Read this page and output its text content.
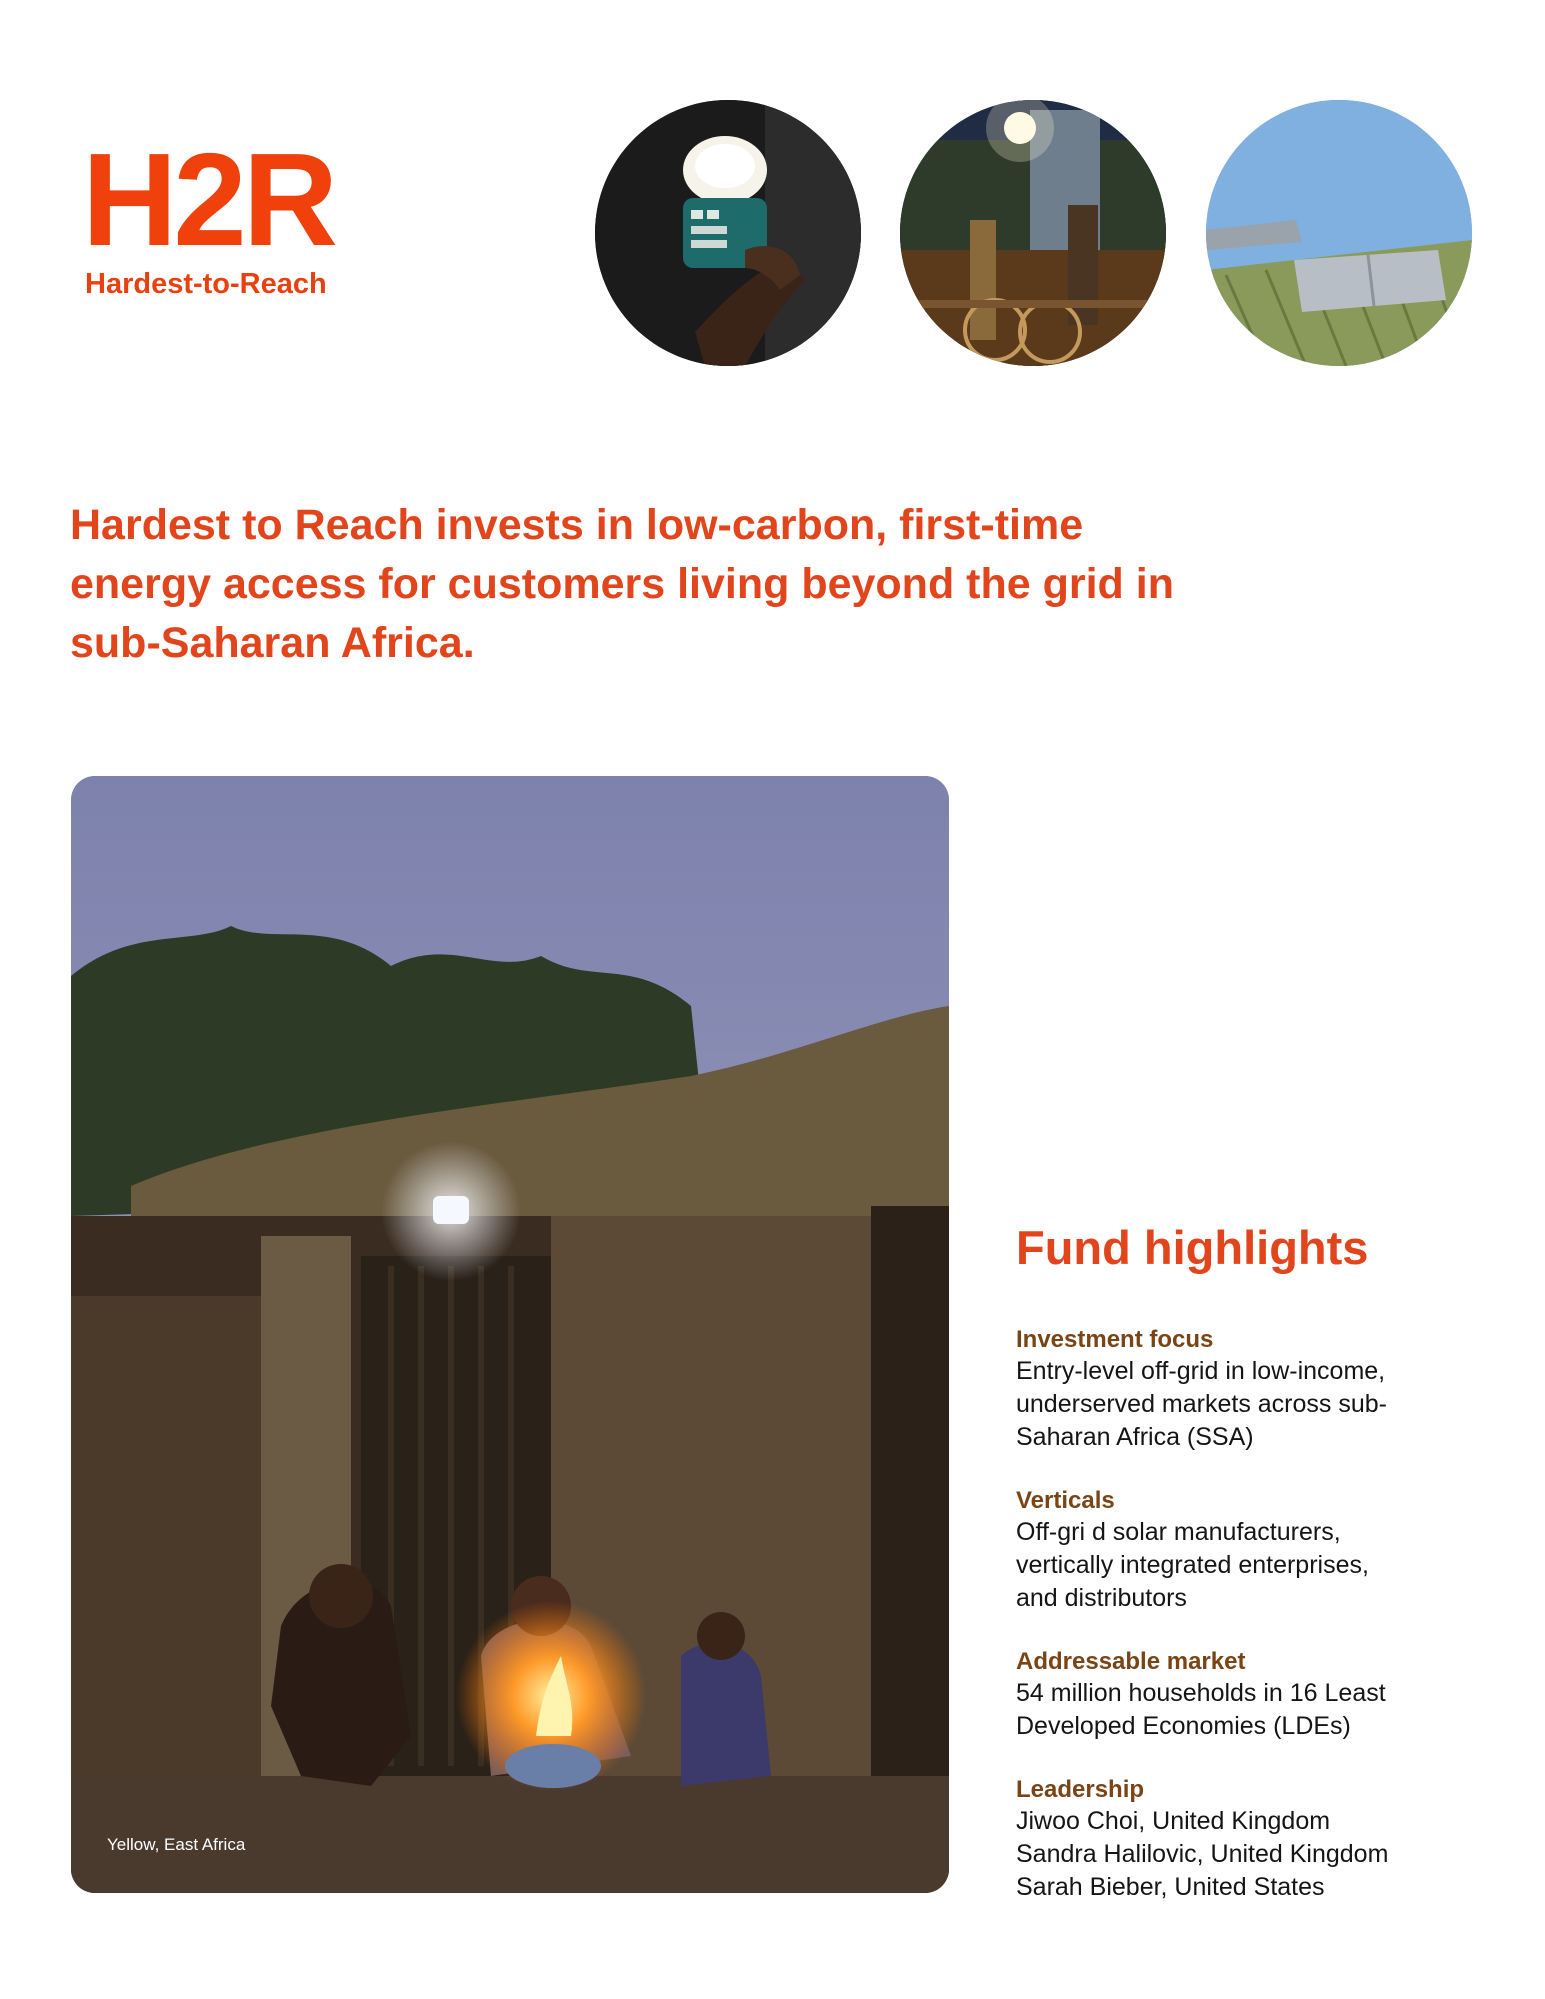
H2R
Hardest-to-Reach
Hardest to Reach invests in low-carbon, first-time energy access for customers living beyond the grid in sub-Saharan Africa.
Yellow, East Africa
Fund highlights
Investment focus
Entry-level off-grid in low-income,
underserved markets across sub-
Saharan Africa (SSA)
Verticals
Off-gri d solar manufacturers,
vertically integrated enterprises,
and distributors
Addressable market
54 million households in 16 Least
Developed Economies (LDEs)
Leadership
Jiwoo Choi, United Kingdom
Sandra Halilovic, United Kingdom
Sarah Bieber, United States
